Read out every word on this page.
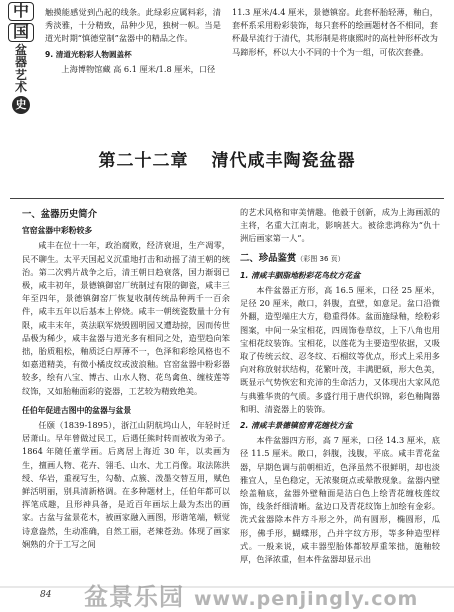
中
国
盆
器
艺
术
史

触摸能感觉到凸起的线条。此绿彩应属料彩，清秀淡雅，十分精致，品种少见，独树一帜。当是道光时期“慎德堂制”盆器中的精品之作。

9. 清道光粉彩人物圆盖杯

上海博物馆藏 高 6.1 厘米/1.8 厘米，口径

11.3 厘米/4.4 厘米，景德镇窑。此套杯胎轻薄，釉白，套杯系采用粉彩装饰，每只套杯的绘画题材各不相同，套杯最早流行于清代，其形制是将康熙时的高杜钟形杯改为马蹄形杯，杯以大小不同的十个为一组，可依次套叠。

第二十二章 清代咸丰陶瓷盆器
一、盆器历史简介
官窑盆器中彩粉较多

咸丰在位十一年，政治腐败，经济衰退，生产凋零，民不聊生。太平天国起义沉重地打击和动摇了清王朝的统治。第二次鸦片战争之后，清王朝日趋衰落，国力渐弱已极，咸丰初年，景德镇御窑厂统制过有限的御瓷，咸丰三年至四年，景德镇御窑厂恢复收制传统品种两千一百余件，咸丰五年以后基本上停烧。咸丰一朝统瓷数量十分有限，咸丰末年，英法联军烧毁圆明园又遭劫掠，因而传世品极为稀少，咸丰盆器与道光多有相同之处，造型趋向笨拙，胎质粗松，釉质泛白厚薄不一，色泽和彩绘风格也不如嘉道精美，有微小橘皮纹或波浪釉。官窑盆器中粉彩器较多，绘有八宝、博古、山水人物、花鸟禽鱼、缠枝莲等纹饰，又如胎釉面彩的瓷器，工艺较为精致绝美。

任伯年促进古图中的盆器与盆景

任颐（1839-1895），浙江山阴航坞山人，年轻时迁居萧山。早年曾做过民工，后遇任熊时转而被收为弟子。1864 年随任董学画。后离居上海近 30 年，以卖画为生，擅画人物、花卉、翎毛、山水、尤工肖像。取法陈洪绶、华岩，重视写生，勾勒、点簇、泼墨交替互用，赋色鲜活明丽，别具清新格调。在多种题材上，任伯年都可以挥笔成趣，且形神具备，是近百年画坛上最为杰出的画家。古盆与盆景花木，被画家融入画图，形谐笔端，顿觉诗意盎然，生动准确，自然工丽，老辣苍劲。体现了画家娴熟的介于工写之间

的艺术风格和审美情趣。他毅于创新，成为上海画派的主将，名重大江南北，影响甚大。被徐悲鸿称为“仇十洲后画家第一人”。

二、珍品鉴赏（彩图 36 页）
1. 清咸丰胭脂地粉彩花鸟纹方花盆

本件盆器正方形，高 16.5 厘米，口径 25 厘米，足径 20 厘米，敞口，斜腹，直壁，如意足。盆口沿微外翻，造型端庄大方，稳重得体。盆面施绿釉，绘粉彩图案，中间一朵宝相花，四周饰卷草纹，上下八角也用宝相花纹装饰。宝相花，以莲花为主要造型依据，又吸取了传统云纹、忍冬纹、石榴纹等优点，形式上采用多向对称放射状结构，花繁叶茂，丰满肥硕，形大色美，既显示气势恢宏和充沛的生命活力，又体现出大家风范与典雅华贵的气质。多盛行用于唐代织锦，彩色釉陶器和明、清瓷器上的装饰。

2. 清咸丰景德镇窑青花缠枝方盆

本件盆器四方形，高 7 厘米，口径 14.3 厘米，底径 11.5 厘米。敞口，斜腹，浅腹，平底。咸丰青花盆器，早期色调与前朝相近，色泽虽然不很鲜明，却也淡雅宜人，呈色稳定，无浓聚斑点或晕散现象。盆器内壁绘盖釉底，盆器外壁釉面是洁白色上绘青花缠枝莲纹饰，线条纤细清晰。盆边口及青花纹饰上加绘有金彩。洗式盆器除本件方斗形之外，尚有圆形，椭圆形，瓜形，佛手形，蝴蝶形，凸并字纹方形，等多种造型样式。一般来说，咸丰器型胎体都较厚重笨拙，施釉较厚，色泽浓重，但本件盆器却显示出

84 盆景乐园 www.penjingly.com
